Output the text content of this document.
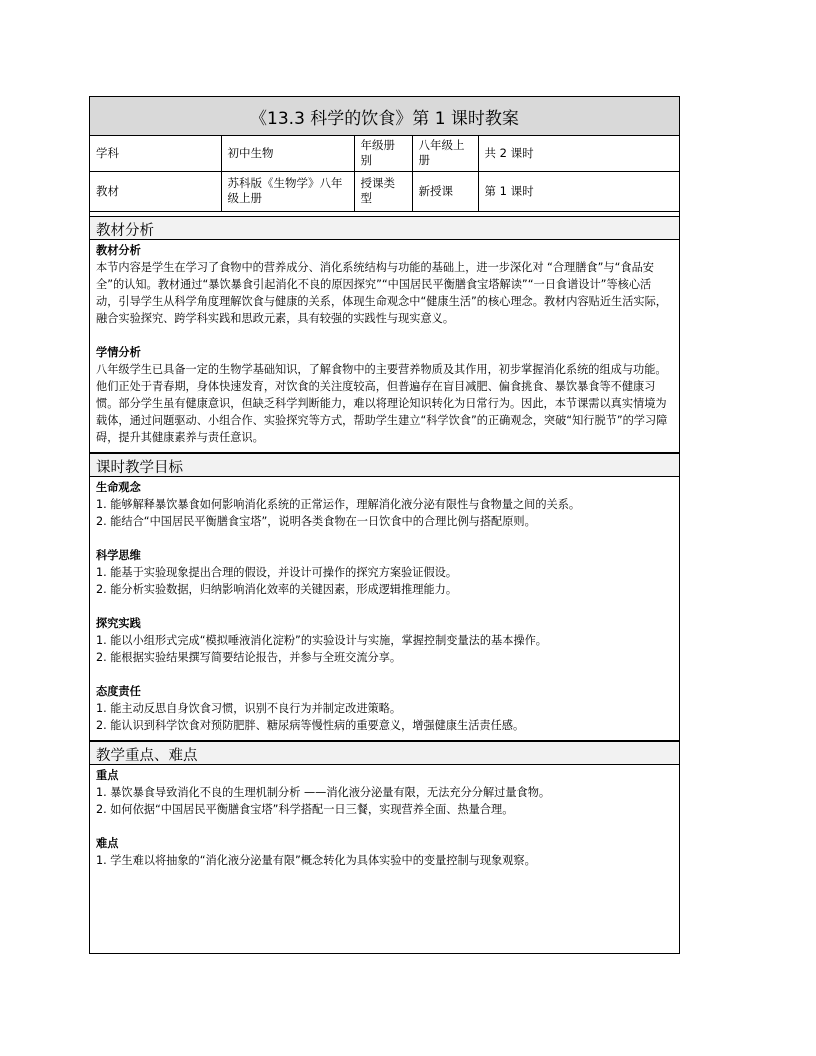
《13.3 科学的饮食》第 1 课时教案
学科	初中生物	年级册别	八年级上册	共 2 课时
教材	苏科版《生物学》八年级上册	授课类型	新授课	第 1 课时
教材分析
教材分析

本节内容是学生在学习了食物中的营养成分、消化系统结构与功能的基础上，进一步深化对 “合理膳食”与“食品安全”的认知。教材通过“暴饮暴食引起消化不良的原因探究”“中国居民平衡膳食宝塔解读”“一日食谱设计”等核心活动，引导学生从科学角度理解饮食与健康的关系，体现生命观念中“健康生活”的核心理念。教材内容贴近生活实际，融合实验探究、跨学科实践和思政元素，具有较强的实践性与现实意义。

学情分析

八年级学生已具备一定的生物学基础知识，了解食物中的主要营养物质及其作用，初步掌握消化系统的组成与功能。他们正处于青春期，身体快速发育，对饮食的关注度较高，但普遍存在盲目减肥、偏食挑食、暴饮暴食等不健康习惯。部分学生虽有健康意识，但缺乏科学判断能力，难以将理论知识转化为日常行为。因此，本节课需以真实情境为载体，通过问题驱动、小组合作、实验探究等方式，帮助学生建立“科学饮食”的正确观念，突破“知行脱节”的学习障碍，提升其健康素养与责任意识。

课时教学目标
生命观念

1. 能够解释暴饮暴食如何影响消化系统的正常运作，理解消化液分泌有限性与食物量之间的关系。

2. 能结合“中国居民平衡膳食宝塔”，说明各类食物在一日饮食中的合理比例与搭配原则。

科学思维

1. 能基于实验现象提出合理的假设，并设计可操作的探究方案验证假设。

2. 能分析实验数据，归纳影响消化效率的关键因素，形成逻辑推理能力。

探究实践

1. 能以小组形式完成“模拟唾液消化淀粉”的实验设计与实施，掌握控制变量法的基本操作。

2. 能根据实验结果撰写简要结论报告，并参与全班交流分享。

态度责任

1. 能主动反思自身饮食习惯，识别不良行为并制定改进策略。

2. 能认识到科学饮食对预防肥胖、糖尿病等慢性病的重要意义，增强健康生活责任感。

教学重点、难点
重点

1. 暴饮暴食导致消化不良的生理机制分析 ——消化液分泌量有限，无法充分分解过量食物。

2. 如何依据“中国居民平衡膳食宝塔”科学搭配一日三餐，实现营养全面、热量合理。

难点

1. 学生难以将抽象的“消化液分泌量有限”概念转化为具体实验中的变量控制与现象观察。
